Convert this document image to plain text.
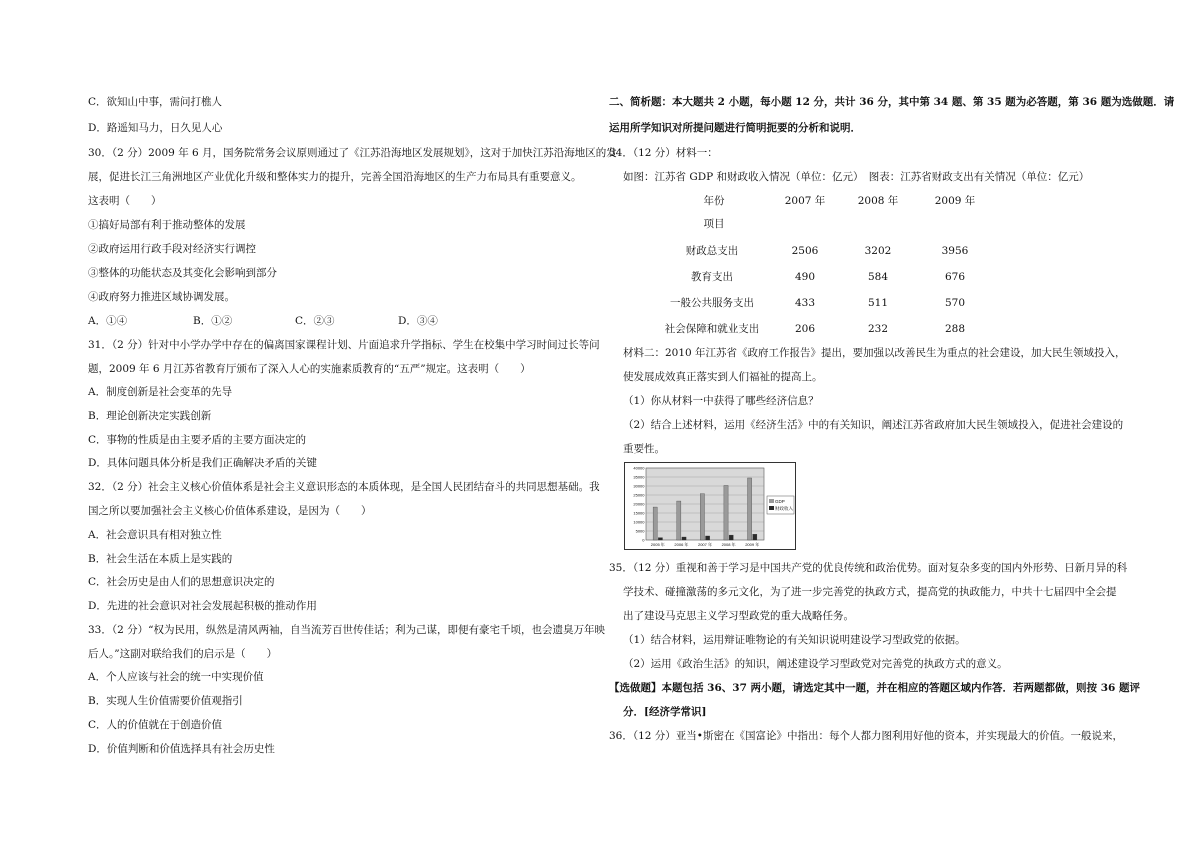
C．欲知山中事，需问打樵人
D．路遥知马力，日久见人心
30．（2 分）2009 年 6 月，国务院常务会议原则通过了《江苏沿海地区发展规划》，这对于加快江苏沿海地区的发
展，促进长江三角洲地区产业优化升级和整体实力的提升，完善全国沿海地区的生产力布局具有重要意义。
这表明（　　）
①搞好局部有利于推动整体的发展
②政府运用行政手段对经济实行调控
③整体的功能状态及其变化会影响到部分
④政府努力推进区域协调发展。
A．①④	B．①②	C．②③	D．③④
31．（2 分）针对中小学办学中存在的偏离国家课程计划、片面追求升学指标、学生在校集中学习时间过长等问
题，2009 年 6 月江苏省教育厅颁布了深入人心的实施素质教育的“五严”规定。这表明（　　）
A．制度创新是社会变革的先导
B．理论创新决定实践创新
C．事物的性质是由主要矛盾的主要方面决定的
D．具体问题具体分析是我们正确解决矛盾的关键
32．（2 分）社会主义核心价值体系是社会主义意识形态的本质体现，是全国人民团结奋斗的共同思想基础。我
国之所以要加强社会主义核心价值体系建设，是因为（　　）
A．社会意识具有相对独立性
B．社会生活在本质上是实践的
C．社会历史是由人们的思想意识决定的
D．先进的社会意识对社会发展起积极的推动作用
33．（2 分）“权为民用，纵然是清风两袖，自当流芳百世传佳话；利为己谋，即便有豪宅千顷，也会遗臭万年映
后人。”这副对联给我们的启示是（　　）
A．个人应该与社会的统一中实现价值
B．实现人生价值需要价值观指引
C．人的价值就在于创造价值
D．价值判断和价值选择具有社会历史性
二、简析题：本大题共 2 小题，每小题 12 分，共计 36 分，其中第 34 题、第 35 题为必答题，第 36 题为选做题．请
运用所学知识对所提问题进行简明扼要的分析和说明．
34．（12 分）材料一：
如图：江苏省 GDP 和财政收入情况（单位：亿元）　图表：江苏省财政支出有关情况（单位：亿元）
年份
项目
2007 年	2008 年	2009 年
财政总支出	2506	3202	3956
教育支出	490	584	676
一般公共服务支出	433	511	570
社会保障和就业支出	206	232	288
材料二：2010 年江苏省《政府工作报告》提出，要加强以改善民生为重点的社会建设，加大民生领域投入，
使发展成效真正落实到人们福祉的提高上。
（1）你从材料一中获得了哪些经济信息？
（2）结合上述材料，运用《经济生活》中的有关知识，阐述江苏省政府加大民生领域投入，促进社会建设的
重要性。
0
5000
10000
15000
20000
25000
30000
35000
40000
2005 年 2006 年 2007 年 2008 年 2009 年
GDP
财政收入
35．（12 分）重视和善于学习是中国共产党的优良传统和政治优势。面对复杂多变的国内外形势、日新月异的科
学技术、碰撞激荡的多元文化，为了进一步完善党的执政方式，提高党的执政能力，中共十七届四中全会提
出了建设马克思主义学习型政党的重大战略任务。
（1）结合材料，运用辩证唯物论的有关知识说明建设学习型政党的依据。
（2）运用《政治生活》的知识，阐述建设学习型政党对完善党的执政方式的意义。
【选做题】本题包括 36、37 两小题，请选定其中一题，并在相应的答题区域内作答．若两题都做，则按 36 题评
分．[经济学常识]
36．（12 分）亚当•斯密在《国富论》中指出：每个人都力图利用好他的资本，并实现最大的价值。一般说来，
